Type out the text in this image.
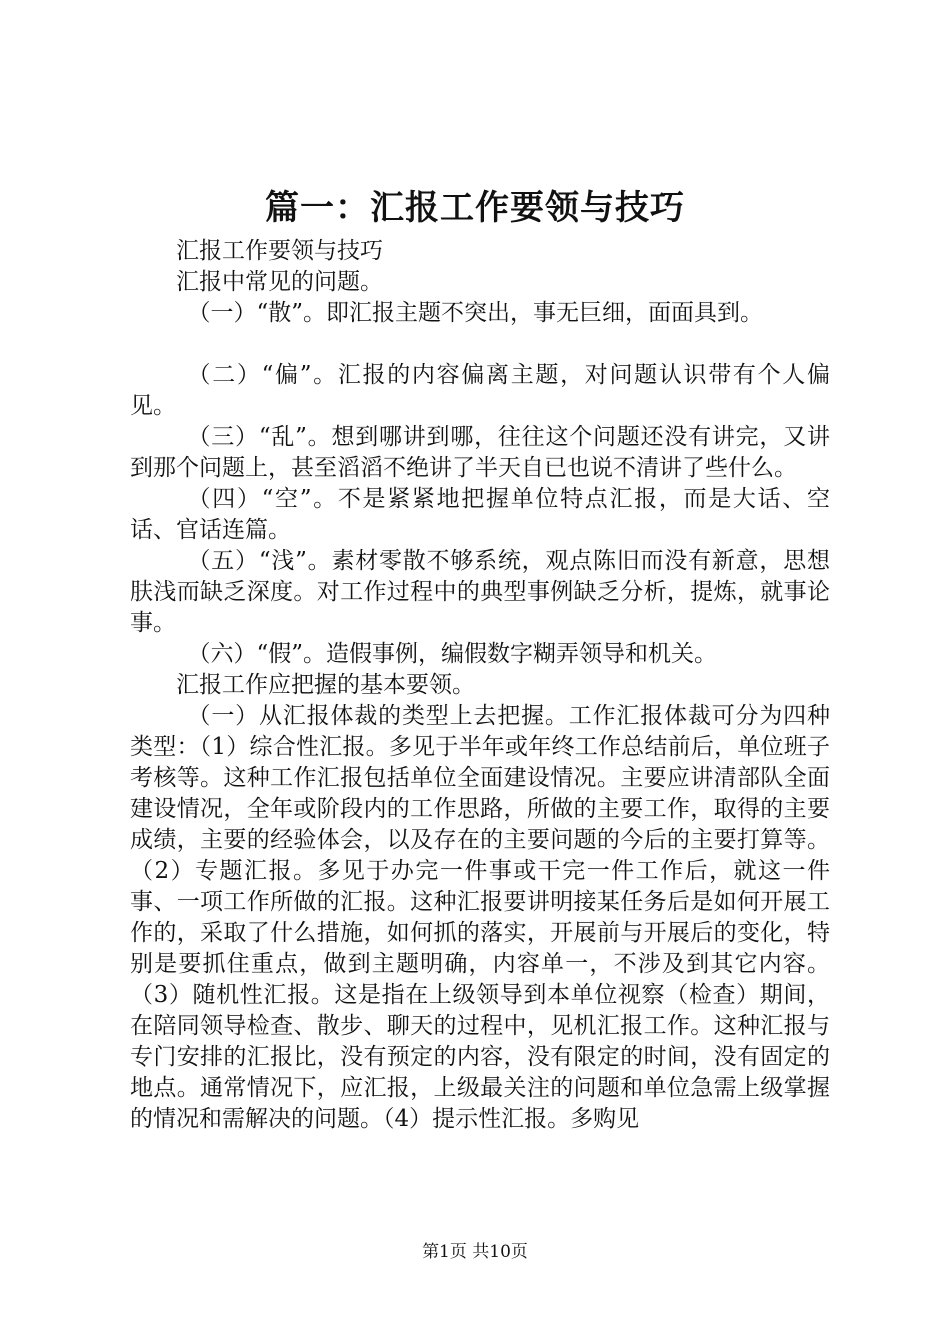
篇一：汇报工作要领与技巧

汇报工作要领与技巧

汇报中常见的问题。

（一）“散”。即汇报主题不突出，事无巨细，面面具到。

（二）“偏”。汇报的内容偏离主题，对问题认识带有个人偏见。

（三）“乱”。想到哪讲到哪，往往这个问题还没有讲完，又讲到那个问题上，甚至滔滔不绝讲了半天自已也说不清讲了些什么。

（四）“空”。不是紧紧地把握单位特点汇报，而是大话、空话、官话连篇。

（五）“浅”。素材零散不够系统，观点陈旧而没有新意，思想肤浅而缺乏深度。对工作过程中的典型事例缺乏分析，提炼，就事论事。

（六）“假”。造假事例，编假数字糊弄领导和机关。

汇报工作应把握的基本要领。

（一）从汇报体裁的类型上去把握。工作汇报体裁可分为四种类型：（1）综合性汇报。多见于半年或年终工作总结前后，单位班子考核等。这种工作汇报包括单位全面建设情况。主要应讲清部队全面建设情况，全年或阶段内的工作思路，所做的主要工作，取得的主要成绩，主要的经验体会，以及存在的主要问题的今后的主要打算等。（2）专题汇报。多见于办完一件事或干完一件工作后，就这一件事、一项工作所做的汇报。这种汇报要讲明接某任务后是如何开展工作的，采取了什么措施，如何抓的落实，开展前与开展后的变化，特别是要抓住重点，做到主题明确，内容单一，不涉及到其它内容。（3）随机性汇报。这是指在上级领导到本单位视察（检查）期间，在陪同领导检查、散步、聊天的过程中，见机汇报工作。这种汇报与专门安排的汇报比，没有预定的内容，没有限定的时间，没有固定的地点。通常情况下，应汇报，上级最关注的问题和单位急需上级掌握的情况和需解决的问题。（4）提示性汇报。多购见

第1页 共10页
